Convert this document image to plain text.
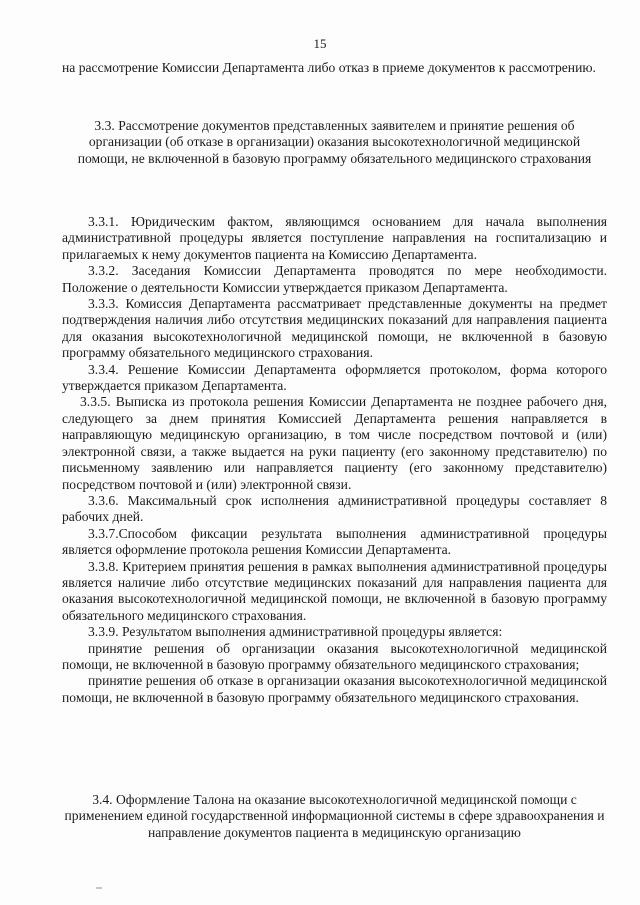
15

на рассмотрение Комиссии Департамента либо отказ в приеме документов к рассмотрению.

3.3. Рассмотрение документов представленных заявителем и принятие решения об организации (об отказе в организации) оказания высокотехнологичной медицинской помощи, не включенной в базовую программу обязательного медицинского страхования

3.3.1. Юридическим фактом, являющимся основанием для начала выполнения административной процедуры является поступление направления на госпитализацию и прилагаемых к нему документов пациента на Комиссию Департамента.

3.3.2. Заседания Комиссии Департамента проводятся по мере необходимости. Положение о деятельности Комиссии утверждается приказом Департамента.

3.3.3. Комиссия Департамента рассматривает представленные документы на предмет подтверждения наличия либо отсутствия медицинских показаний для направления пациента для оказания высокотехнологичной медицинской помощи, не включенной в базовую программу обязательного медицинского страхования.

3.3.4. Решение Комиссии Департамента оформляется протоколом, форма которого утверждается приказом Департамента.

3.3.5. Выписка из протокола решения Комиссии Департамента не позднее рабочего дня, следующего за днем принятия Комиссией Департамента решения направляется в направляющую медицинскую организацию, в том числе посредством почтовой и (или) электронной связи, а также выдается на руки пациенту (его законному представителю) по письменному заявлению или направляется пациенту (его законному представителю) посредством почтовой и (или) электронной связи.

3.3.6. Максимальный срок исполнения административной процедуры составляет 8 рабочих дней.

3.3.7.Способом фиксации результата выполнения административной процедуры является оформление протокола решения Комиссии Департамента.

3.3.8. Критерием принятия решения в рамках выполнения административной процедуры является наличие либо отсутствие медицинских показаний для направления пациента для оказания высокотехнологичной медицинской помощи, не включенной в базовую программу обязательного медицинского страхования.

3.3.9. Результатом выполнения административной процедуры является:

принятие решения об организации оказания высокотехнологичной медицинской помощи, не включенной в базовую программу обязательного медицинского страхования;

принятие решения об отказе в организации оказания высокотехнологичной медицинской помощи, не включенной в базовую программу обязательного медицинского страхования.

3.4. Оформление Талона на оказание высокотехнологичной медицинской помощи с применением единой государственной информационной системы в сфере здравоохранения и направление документов пациента в медицинскую организацию
